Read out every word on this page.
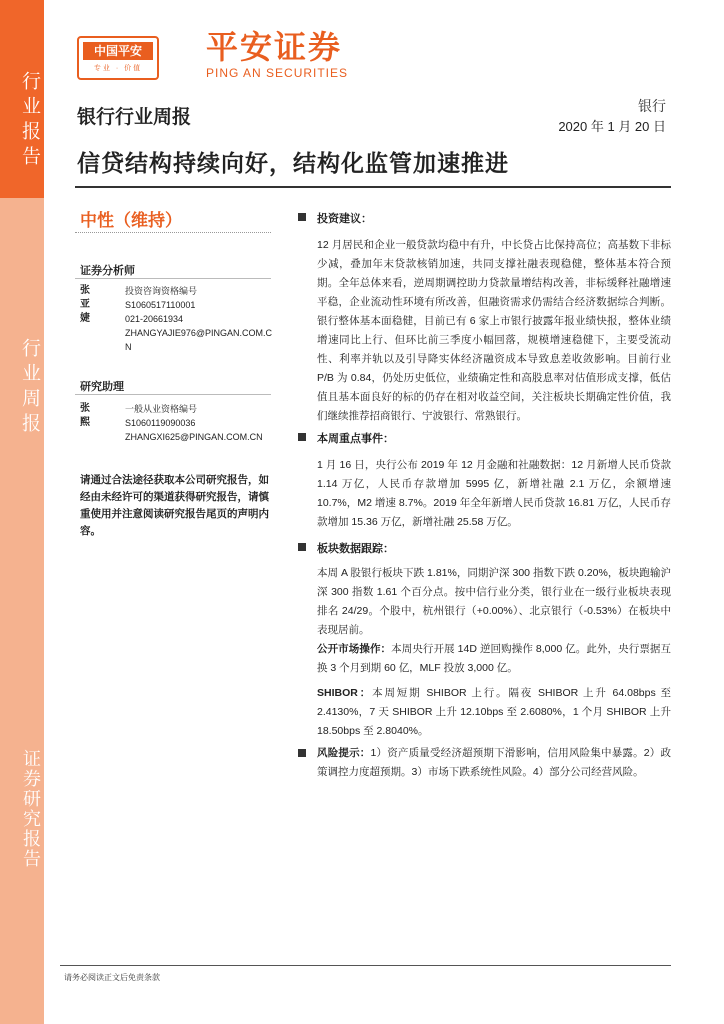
行业报告
行业周报
证券研究报告
中国平安
专业 · 价值
平安证券
PING AN SECURITIES
银行
2020 年 1 月 20 日
银行行业周报
信贷结构持续向好，结构化监管加速推进
中性（维持）
证券分析师
张亚婕
投资咨询资格编号
S1060517110001
021-20661934
ZHANGYAJIE976@PINGAN.COM.CN
研究助理
张熙
一般从业资格编号
S1060119090036
ZHANGXI625@PINGAN.COM.CN
请通过合法途径获取本公司研究报告，如经由未经许可的渠道获得研究报告，请慎重使用并注意阅读研究报告尾页的声明内容。
投资建议：
12 月居民和企业一般贷款均稳中有升，中长贷占比保持高位；高基数下非标少减，叠加年末贷款核销加速，共同支撑社融表现稳健，整体基本符合预期。全年总体来看，逆周期调控助力贷款量增结构改善，非标缓释社融增速平稳，企业流动性环境有所改善，但融资需求仍需结合经济数据综合判断。银行整体基本面稳健，目前已有 6 家上市银行披露年报业绩快报，整体业绩增速同比上行、但环比前三季度小幅回落，规模增速稳健下，主要受流动性、利率并轨以及引导降实体经济融资成本导致息差收敛影响。目前行业 P/B 为 0.84，仍处历史低位，业绩确定性和高股息率对估值形成支撑，低估值且基本面良好的标的仍存在相对收益空间，关注板块长期确定性价值，我们继续推荐招商银行、宁波银行、常熟银行。
本周重点事件：
1 月 16 日，央行公布 2019 年 12 月金融和社融数据：12 月新增人民币贷款 1.14 万亿，人民币存款增加 5995 亿，新增社融 2.1 万亿，余额增速 10.7%，M2 增速 8.7%。2019 年全年新增人民币贷款 16.81 万亿，人民币存款增加 15.36 万亿，新增社融 25.58 万亿。
板块数据跟踪：
本周 A 股银行板块下跌 1.81%，同期沪深 300 指数下跌 0.20%，板块跑输沪深 300 指数 1.61 个百分点。按中信行业分类，银行业在一级行业板块表现排名 24/29。个股中，杭州银行（+0.00%）、北京银行（-0.53%）在板块中表现居前。
公开市场操作：本周央行开展 14D 逆回购操作 8,000 亿。此外，央行票据互换 3 个月到期 60 亿，MLF 投放 3,000 亿。
SHIBOR：本周短期 SHIBOR 上行。隔夜 SHIBOR 上升 64.08bps 至 2.4130%，7 天 SHIBOR 上升 12.10bps 至 2.6080%，1 个月 SHIBOR 上升 18.50bps 至 2.8040%。
风险提示：1）资产质量受经济超预期下滑影响，信用风险集中暴露。2）政策调控力度超预期。3）市场下跌系统性风险。4）部分公司经营风险。
请务必阅读正文后免责条款
